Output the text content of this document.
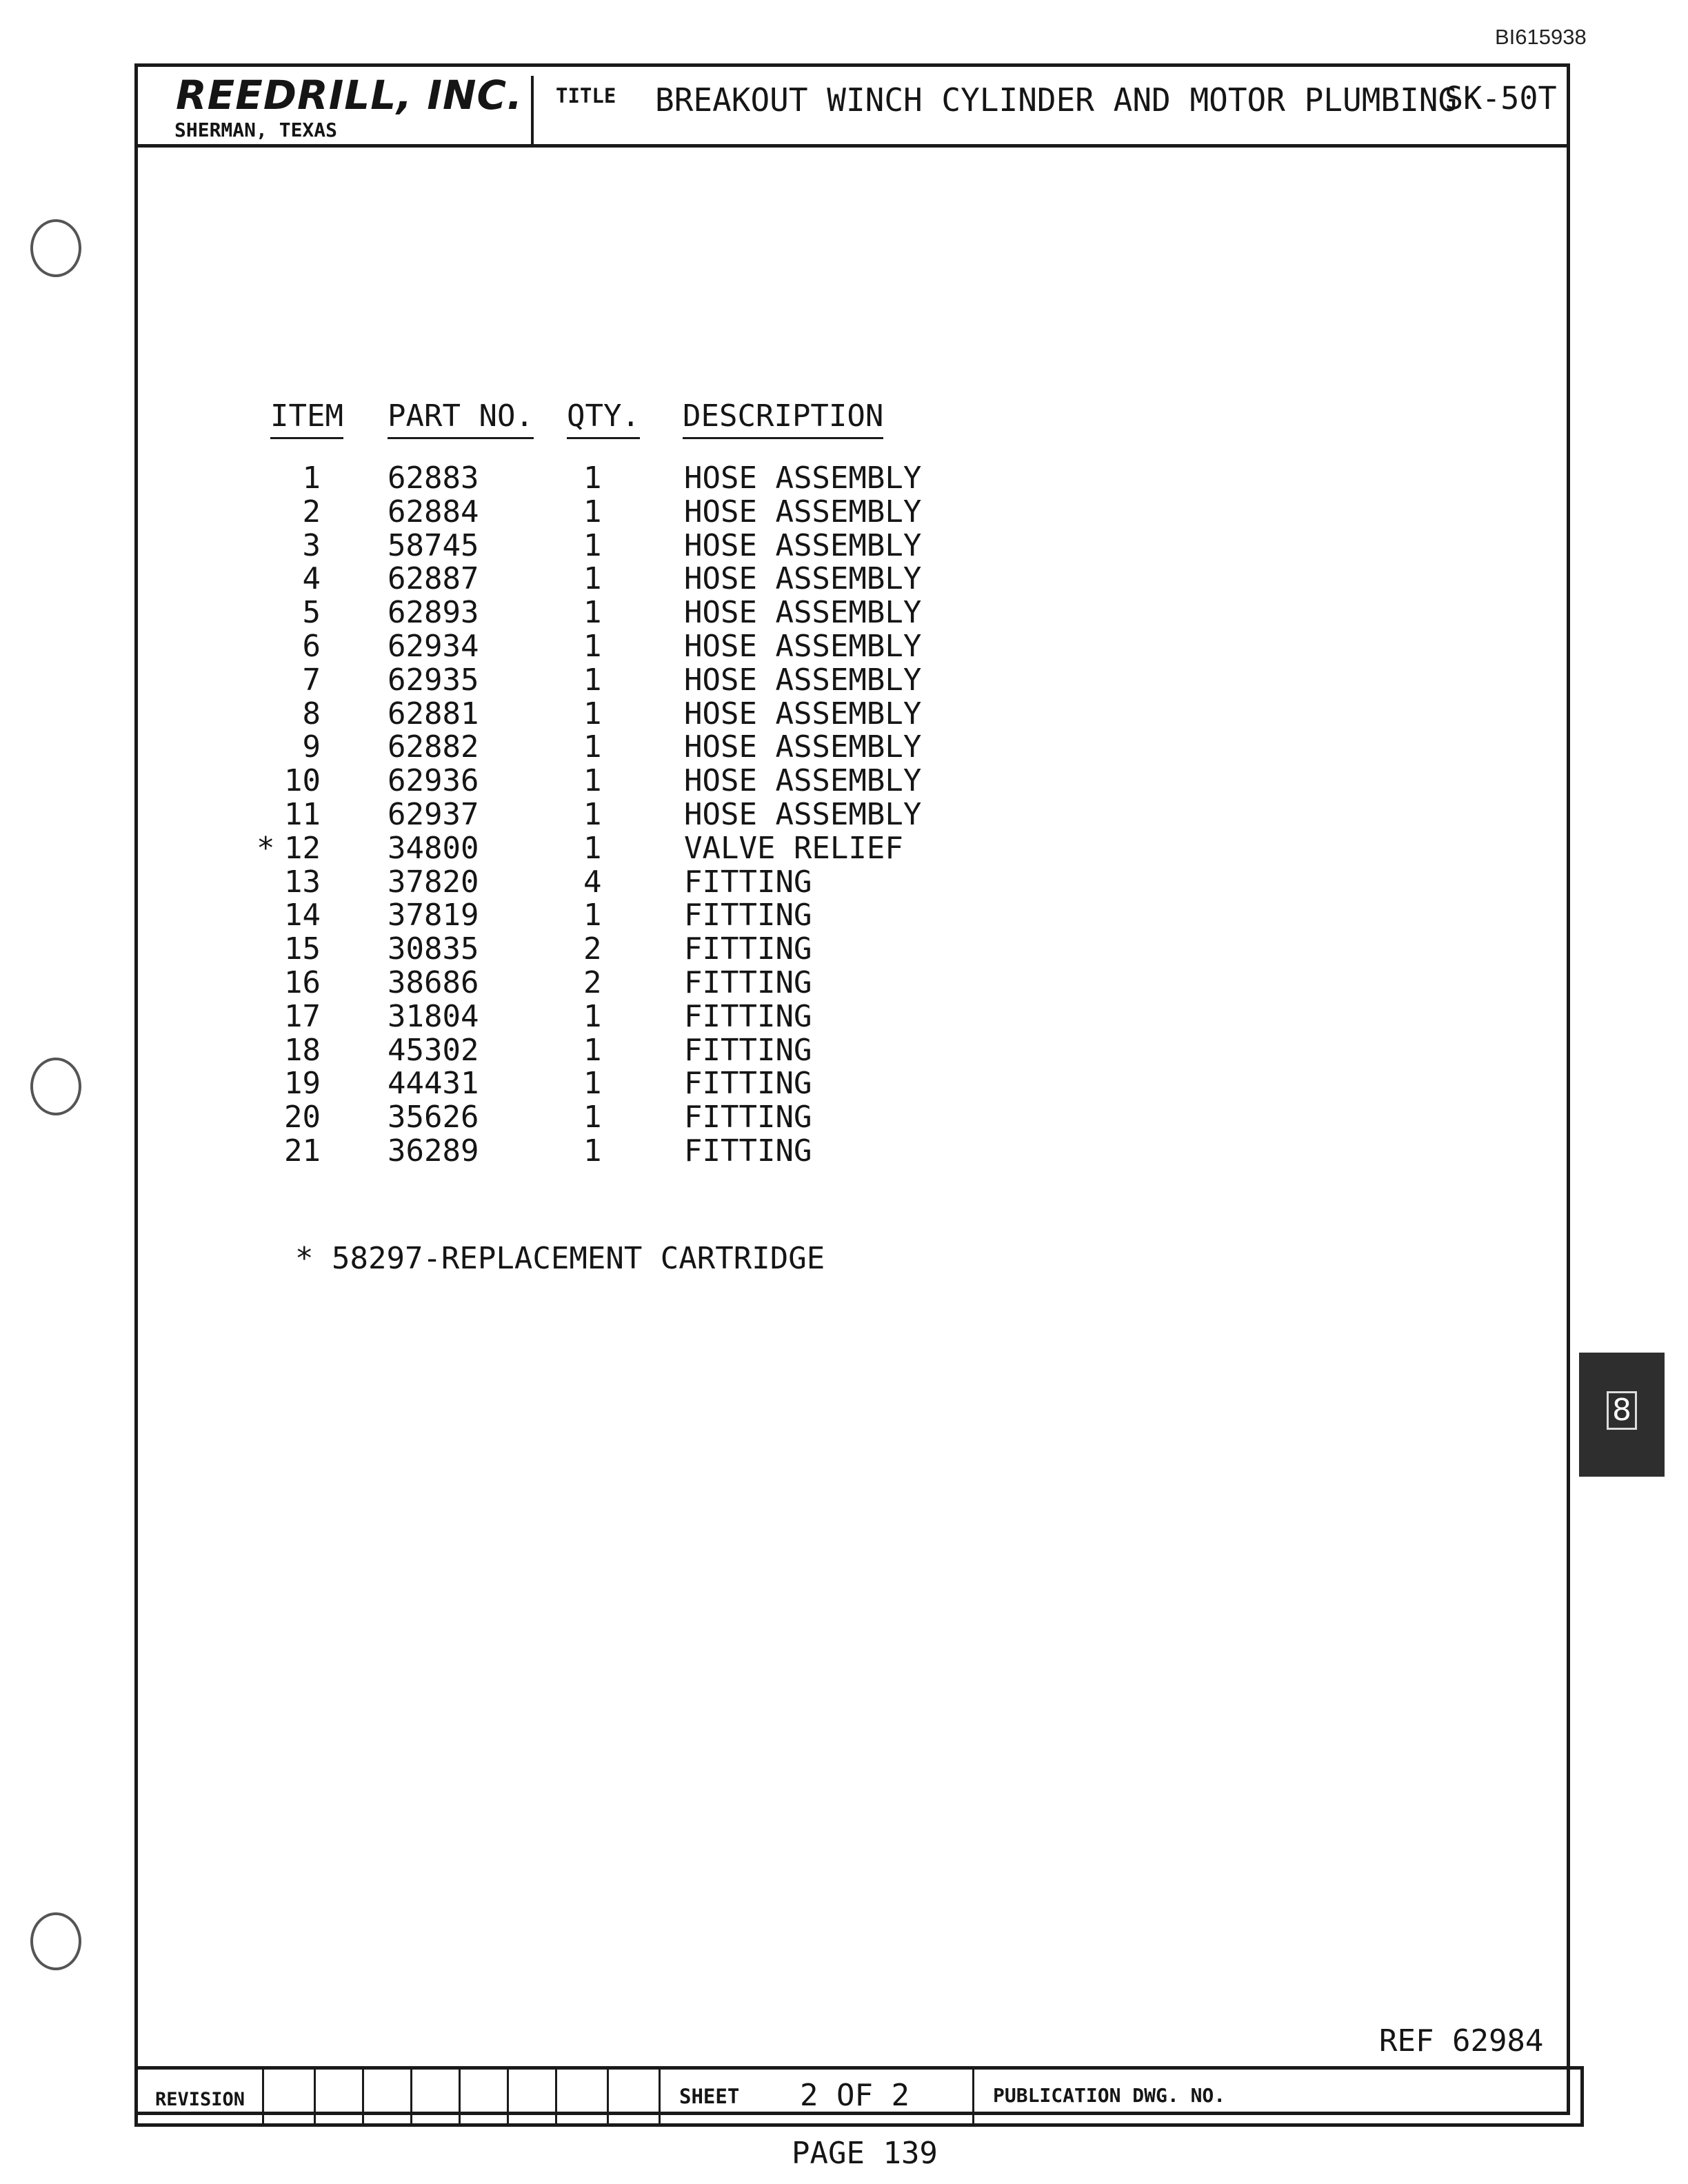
BI615938
REEDRILL, INC.
SHERMAN, TEXAS
TITLE BREAKOUT WINCH CYLINDER AND MOTOR PLUMBING
SK-50T
ITEM PART NO. QTY. DESCRIPTION
1 62883	1	HOSE ASSEMBLY
2 62884	1	HOSE ASSEMBLY
3 58745	1	HOSE ASSEMBLY
4 62887	1	HOSE ASSEMBLY
5 62893	1	HOSE ASSEMBLY
6 62934	1	HOSE ASSEMBLY
7 62935	1	HOSE ASSEMBLY
8 62881	1	HOSE ASSEMBLY
9 62882	1	HOSE ASSEMBLY
10 62936	1	HOSE ASSEMBLY
11 62937	1	HOSE ASSEMBLY
* 12 34800	1	VALVE RELIEF
13 37820	4	FITTING
14 37819	1	FITTING
15 30835	2	FITTING
16 38686	2	FITTING
17 31804	1	FITTING
18 45302	1	FITTING
19 44431	1	FITTING
20 35626	1	FITTING
21 36289	1	FITTING
* 58297-REPLACEMENT CARTRIDGE
8
REF 62984
REVISION	SHEET 2 OF 2	PUBLICATION DWG. NO.
PAGE 139
